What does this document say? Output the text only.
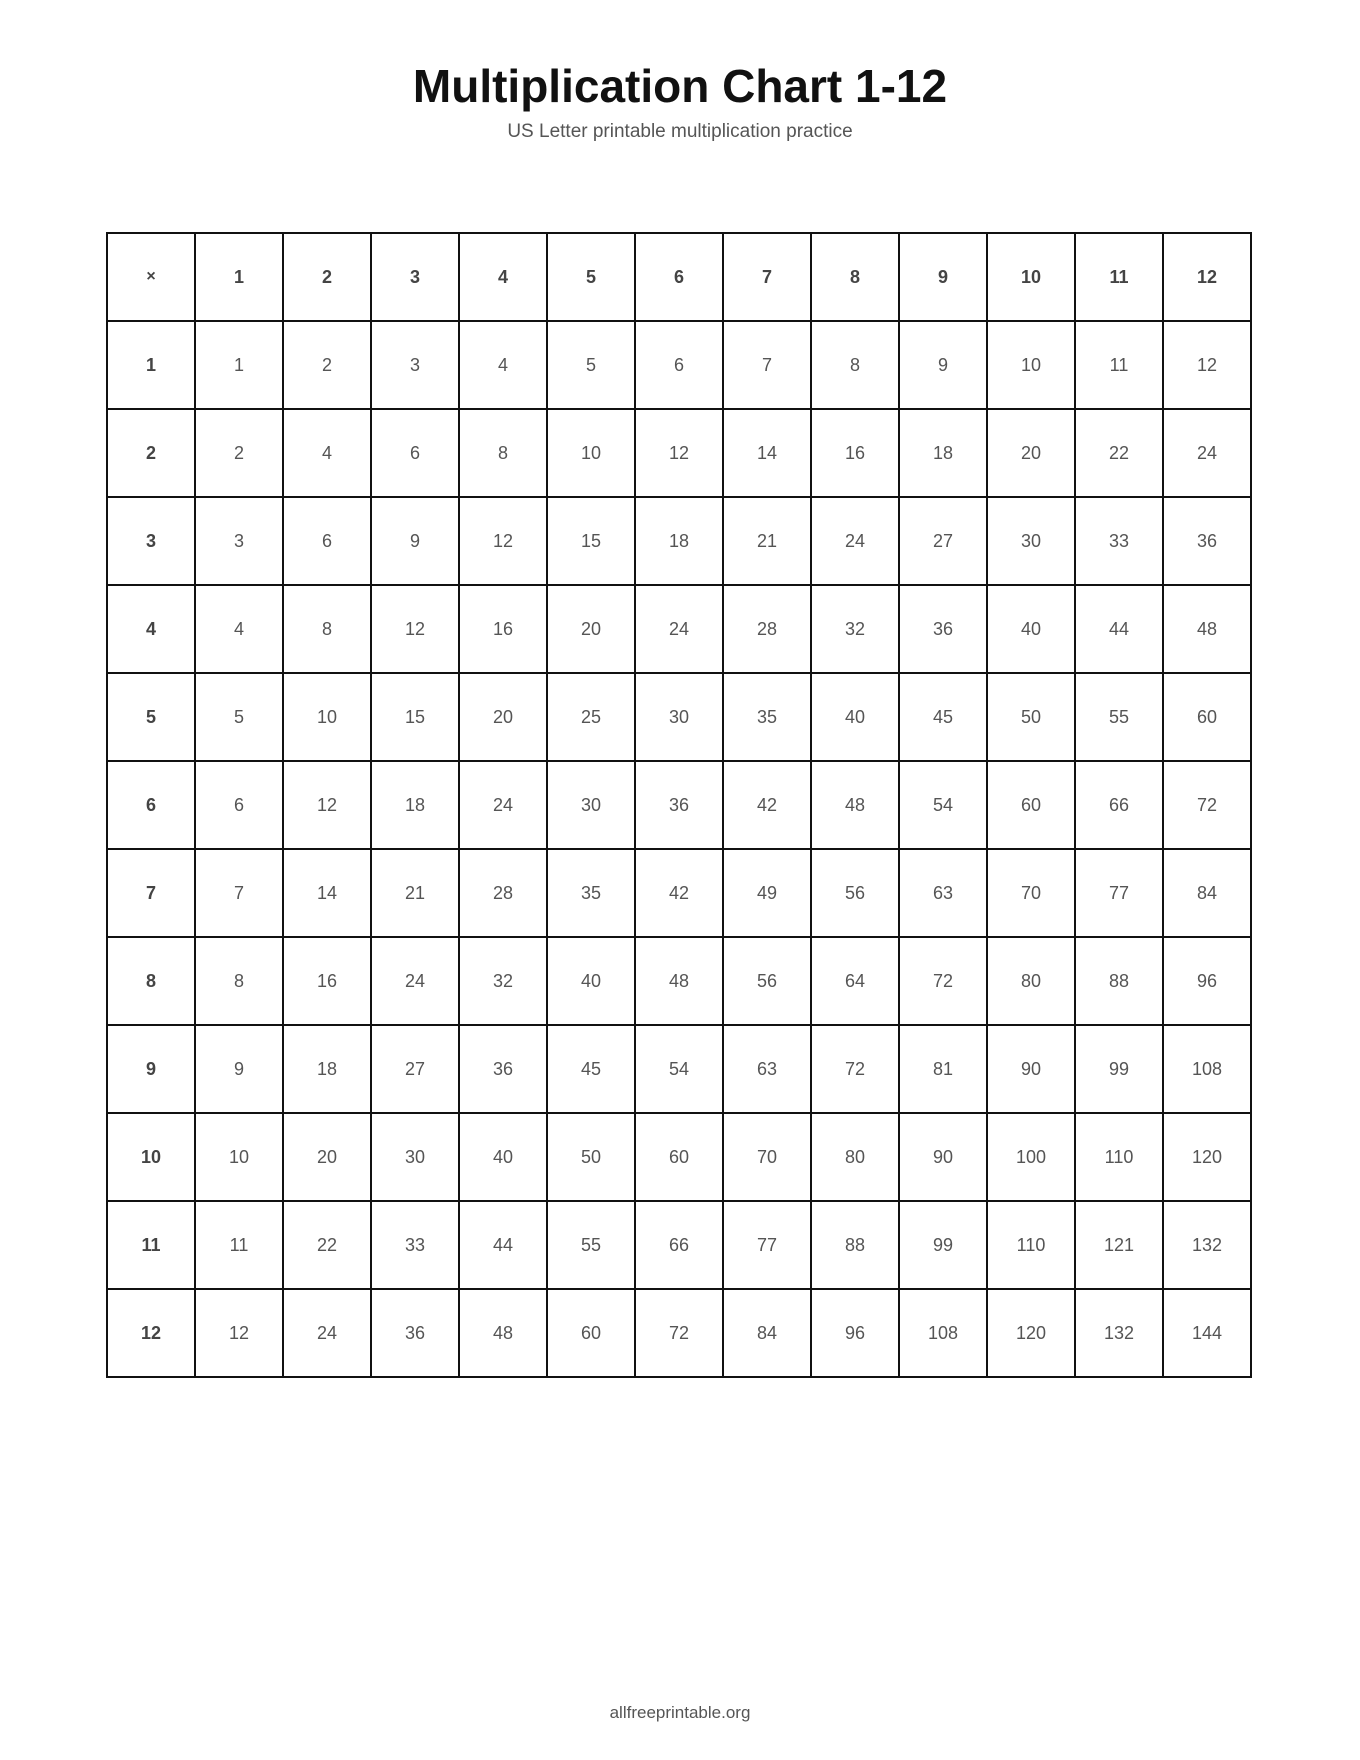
Multiplication Chart 1-12
US Letter printable multiplication practice
×	1	2	3	4	5	6	7	8	9	10	11	12
1	1	2	3	4	5	6	7	8	9	10	11	12
2	2	4	6	8	10	12	14	16	18	20	22	24
3	3	6	9	12	15	18	21	24	27	30	33	36
4	4	8	12	16	20	24	28	32	36	40	44	48
5	5	10	15	20	25	30	35	40	45	50	55	60
6	6	12	18	24	30	36	42	48	54	60	66	72
7	7	14	21	28	35	42	49	56	63	70	77	84
8	8	16	24	32	40	48	56	64	72	80	88	96
9	9	18	27	36	45	54	63	72	81	90	99	108
10	10	20	30	40	50	60	70	80	90	100	110	120
11	11	22	33	44	55	66	77	88	99	110	121	132
12	12	24	36	48	60	72	84	96	108	120	132	144
allfreeprintable.org
